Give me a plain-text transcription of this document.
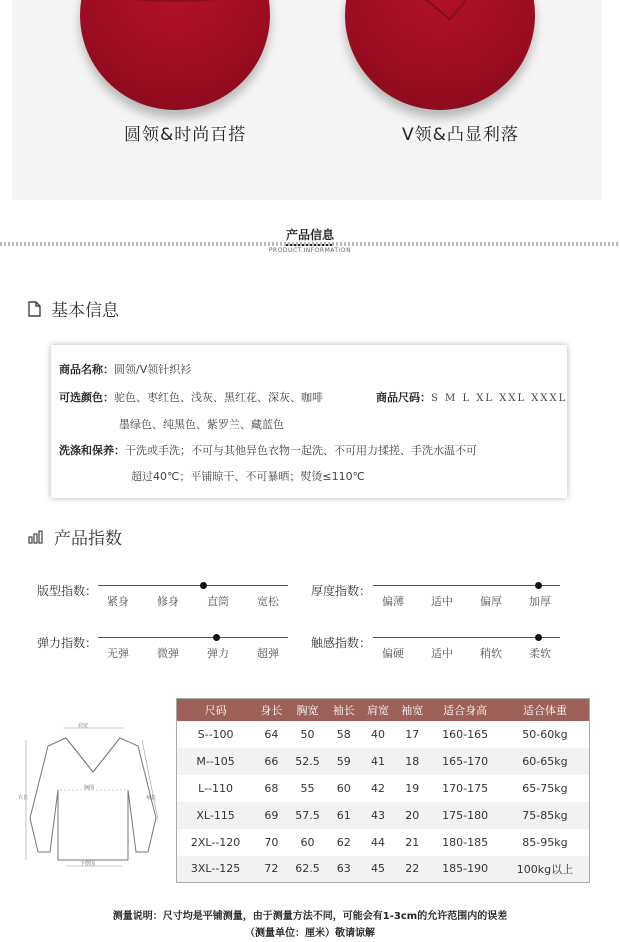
圆领&时尚百搭	V领&凸显利落
产品信息
PRODUCT.INFORMATION
基本信息
商品名称：圆领/V领针织衫
可选颜色：驼色、枣红色、浅灰、黑红花、深灰、咖啡	商品尺码：S M L XL XXL XXXL
墨绿色、纯黑色、紫罗兰、藏蓝色
洗涤和保养：干洗或手洗；不可与其他异色衣物一起洗、不可用力揉搓、手洗水温不可
超过40℃；平铺晾干、不可暴晒；熨烫≤110℃
产品指数
版型指数：
紧身	修身	直筒	宽松
厚度指数：
偏薄 适中 偏厚 加厚
弹力指数：
无弹	微弹	弹力	超弹
触感指数：
偏硬 适中 稍软 柔软
肩宽
胸围
衣长
下摆围
袖长
尺码	身长	胸宽	袖长	肩宽	袖宽	适合身高	适合体重
S--100	64	50	58	40	17	160-165	50-60kg
M--105	66	52.5	59	41	18	165-170	60-65kg
L--110	68	55	60	42	19	170-175	65-75kg
XL-115	69	57.5	61	43	20	175-180	75-85kg
2XL--120	70	60	62	44	21	180-185	85-95kg
3XL--125	72	62.5	63	45	22	185-190	100kg以上
测量说明：尺寸均是平铺测量，由于测量方法不同，可能会有1-3cm的允许范围内的误差
（测量单位：厘米）敬请谅解
